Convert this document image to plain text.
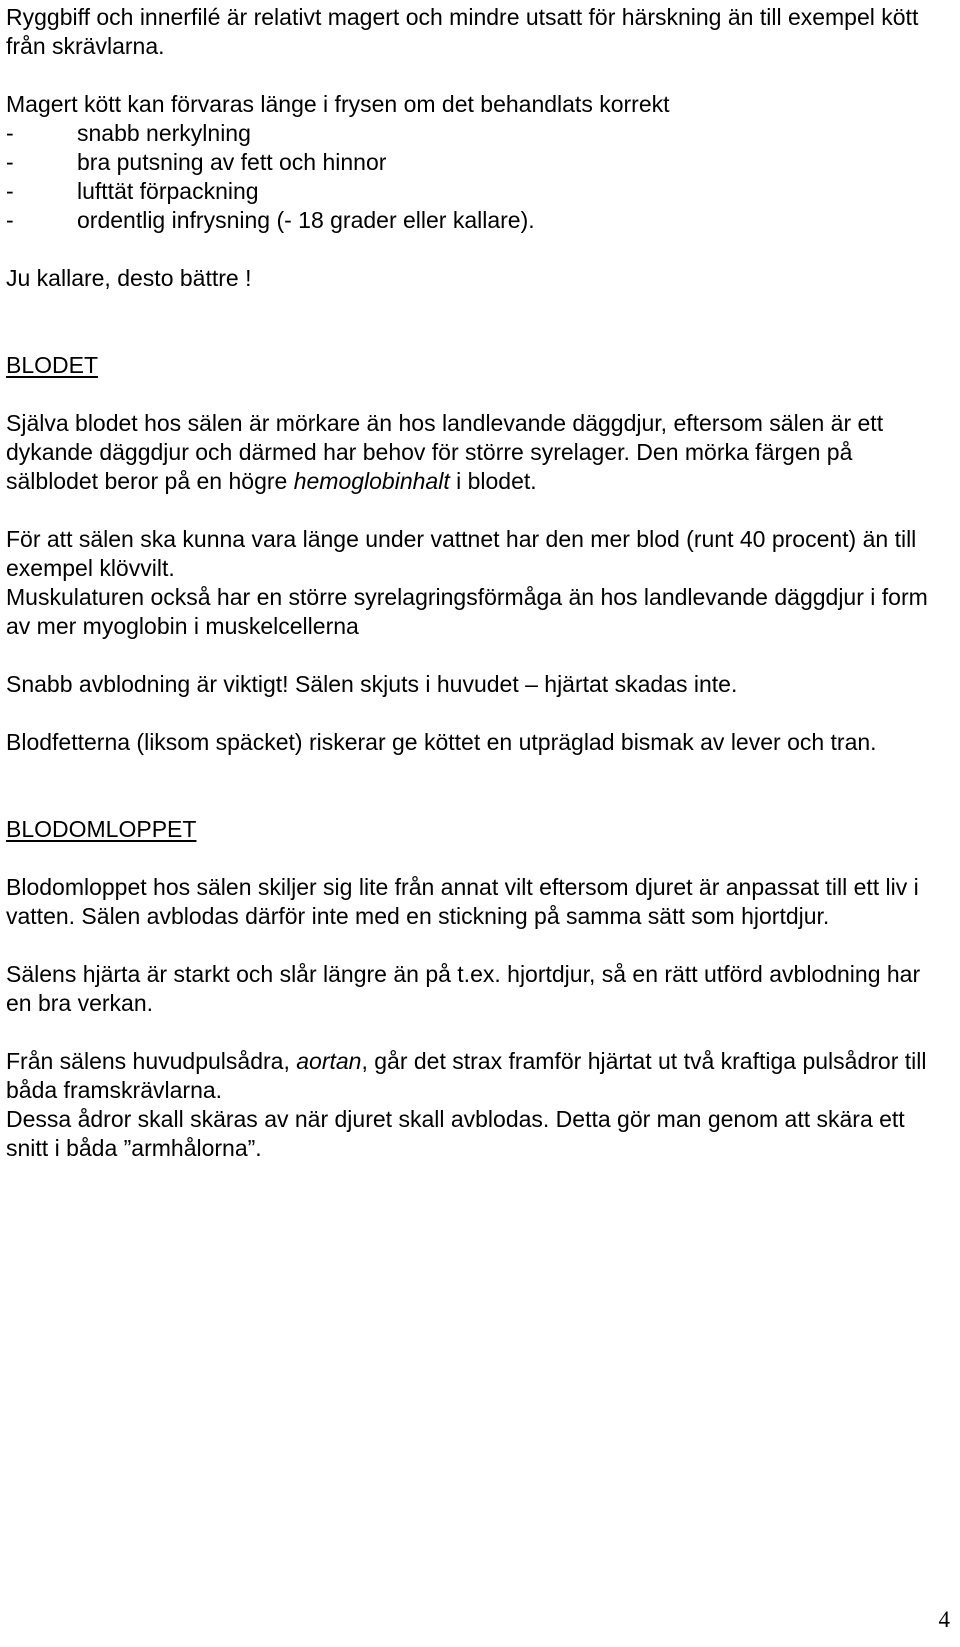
Ryggbiff och innerfilé är relativt magert och mindre utsatt för härskning än till exempel kött från skrävlarna.

Magert kött kan förvaras länge i frysen om det behandlats korrekt

-	snabb nerkylning
-	bra putsning av fett och hinnor
-	lufttät förpackning
-	ordentlig infrysning (- 18 grader eller kallare).

Ju kallare, desto bättre !

BLODET

Själva blodet hos sälen är mörkare än hos landlevande däggdjur, eftersom sälen är ett dykande däggdjur och därmed har behov för större syrelager. Den mörka färgen på sälblodet beror på en högre hemoglobinhalt i blodet.

För att sälen ska kunna vara länge under vattnet har den mer blod (runt 40 procent) än till exempel klövvilt.

Muskulaturen också har en större syrelagringsförmåga än hos landlevande däggdjur i form av mer myoglobin i muskelcellerna

Snabb avblodning är viktigt! Sälen skjuts i huvudet – hjärtat skadas inte.

Blodfetterna (liksom späcket) riskerar ge köttet en utpräglad bismak av lever och tran.

BLODOMLOPPET

Blodomloppet hos sälen skiljer sig lite från annat vilt eftersom djuret är anpassat till ett liv i vatten. Sälen avblodas därför inte med en stickning på samma sätt som hjortdjur.

Sälens hjärta är starkt och slår längre än på t.ex. hjortdjur, så en rätt utförd avblodning har en bra verkan.

Från sälens huvudpulsådra, aortan, går det strax framför hjärtat ut två kraftiga pulsådror till båda framskrävlarna.

Dessa ådror skall skäras av när djuret skall avblodas. Detta gör man genom att skära ett snitt i båda ”armhålorna”.

4
